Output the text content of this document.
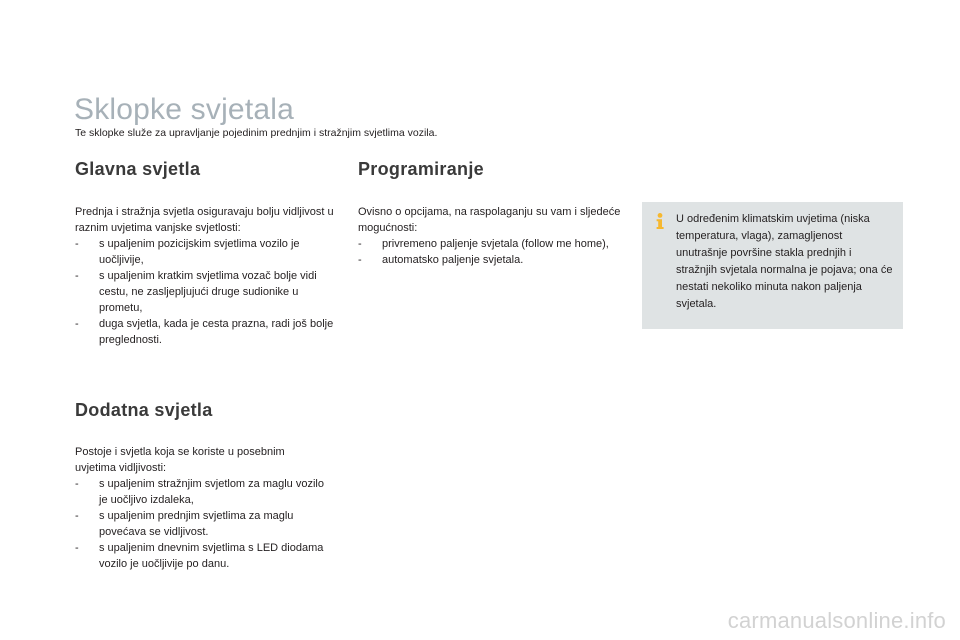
Sklopke svjetala
Te sklopke služe za upravljanje pojedinim prednjim i stražnjim svjetlima vozila.
Glavna svjetla

Prednja i stražnja svjetla osiguravaju bolju vidljivost u raznim uvjetima vanjske svjetlosti:

- s upaljenim pozicijskim svjetlima vozilo je uočljivije,
- s upaljenim kratkim svjetlima vozač bolje vidi cestu, ne zasljepljujući druge sudionike u prometu,
- duga svjetla, kada je cesta prazna, radi još bolje preglednosti.
Dodatna svjetla

Postoje i svjetla koja se koriste u posebnim uvjetima vidljivosti:

- s upaljenim stražnjim svjetlom za maglu vozilo je uočljivo izdaleka,
- s upaljenim prednjim svjetlima za maglu povećava se vidljivost.
- s upaljenim dnevnim svjetlima s LED diodama vozilo je uočljivije po danu.
Programiranje

Ovisno o opcijama, na raspolaganju su vam i sljedeće mogućnosti:

- privremeno paljenje svjetala (follow me home),
- automatsko paljenje svjetala.
U određenim klimatskim uvjetima (niska temperatura, vlaga), zamagljenost unutrašnje površine stakla prednjih i stražnjih svjetala normalna je pojava; ona će nestati nekoliko minuta nakon paljenja svjetala.
carmanualsonline.info
